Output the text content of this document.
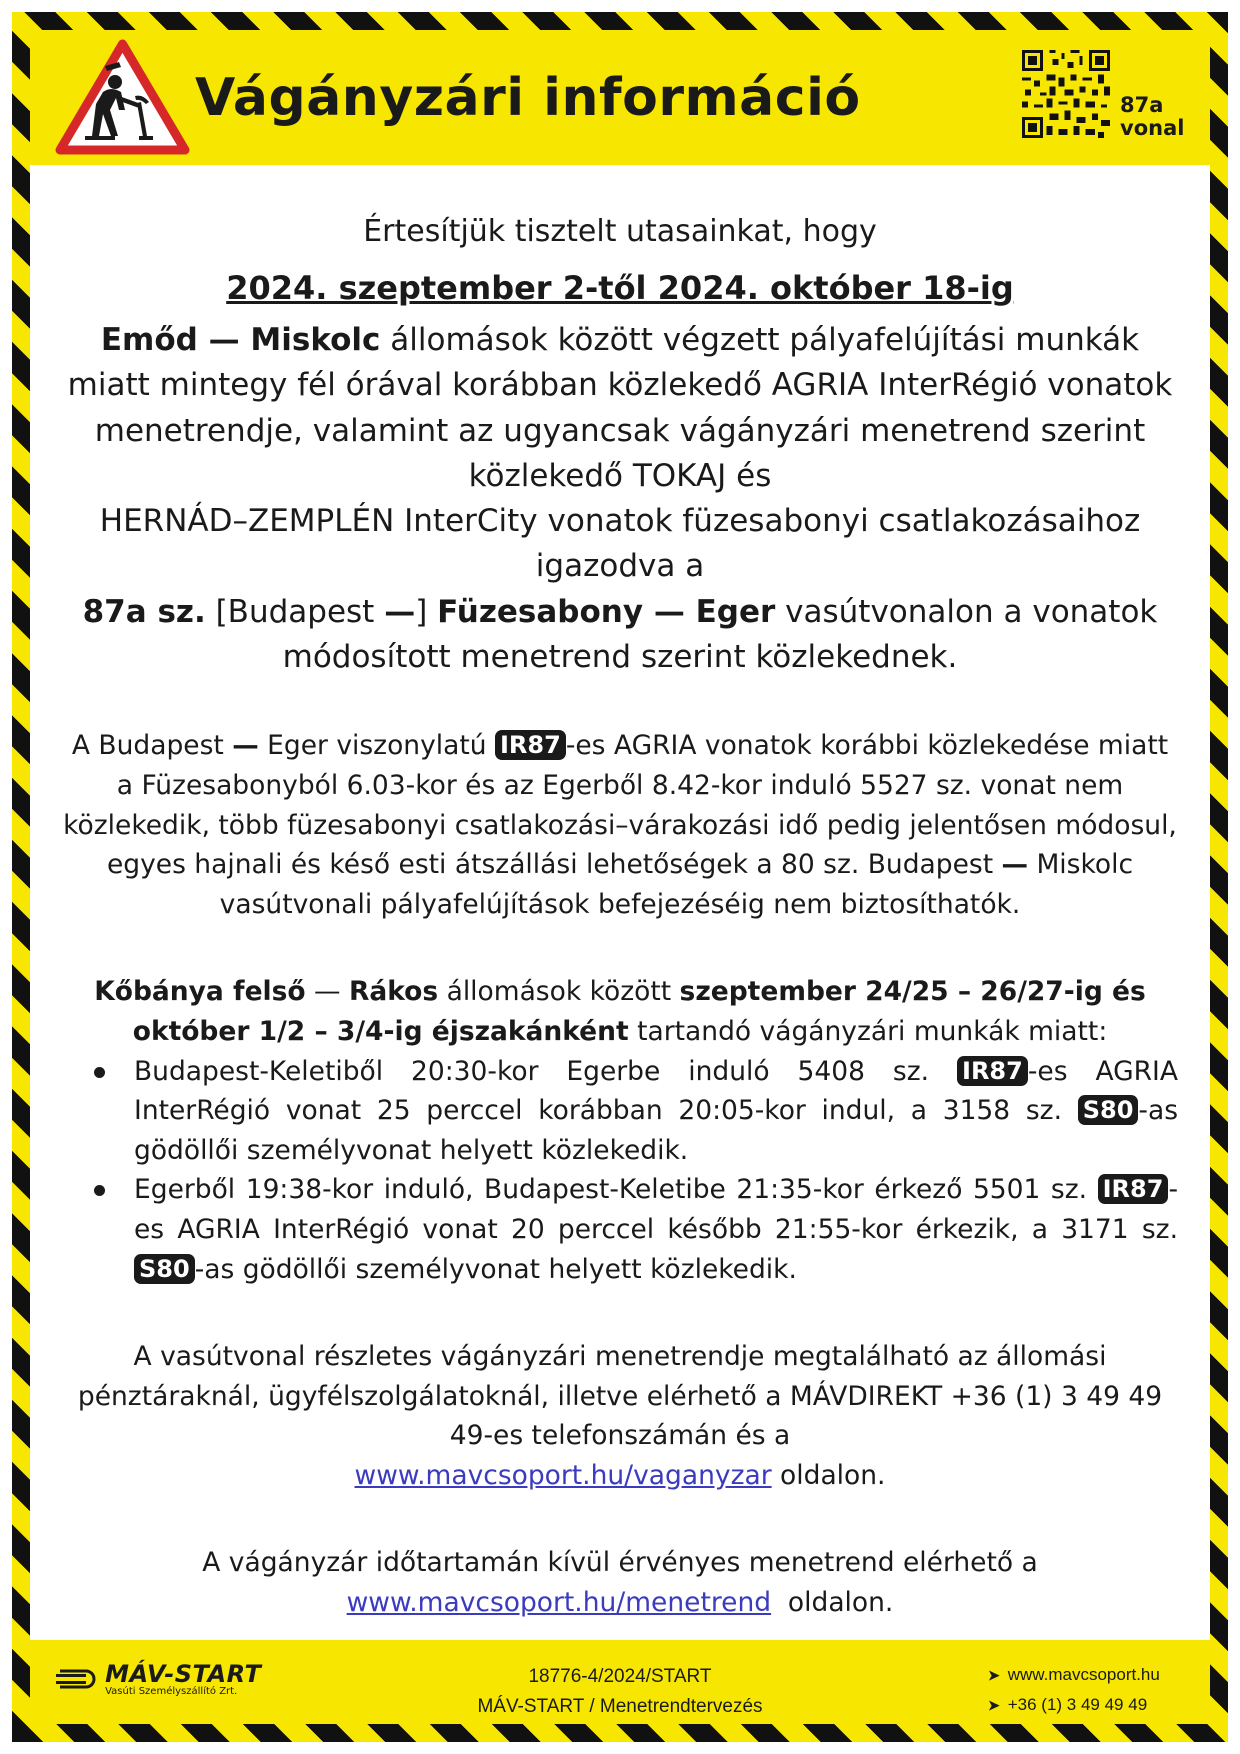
Vágányzári információ	87a
vonal

Értesítjük tisztelt utasainkat, hogy

2024. szeptember 2-től 2024. október 18-ig

Emőd — Miskolc állomások között végzett pályafelújítási munkák miatt mintegy fél órával korábban közlekedő AGRIA InterRégió vonatok menetrendje, valamint az ugyancsak vágányzári menetrend szerint közlekedő TOKAJ és
HERNÁD–ZEMPLÉN InterCity vonatok füzesabonyi csatlakozásaihoz igazodva a
87a sz. [Budapest —] Füzesabony — Eger vasútvonalon a vonatok módosított menetrend szerint közlekednek.

A Budapest — Eger viszonylatú IR87 -es AGRIA vonatok korábbi közlekedése miatt a Füzesabonyból 6.03-kor és az Egerből 8.42-kor induló 5527 sz. vonat nem közlekedik, több füzesabonyi csatlakozási–várakozási idő pedig jelentősen módosul, egyes hajnali és késő esti átszállási lehetőségek a 80 sz. Budapest — Miskolc vasútvonali pályafelújítások befejezéséig nem biztosíthatók.

Kőbánya felső — Rákos állomások között szeptember 24/25 – 26/27-ig és október 1/2 – 3/4-ig éjszakánként tartandó vágányzári munkák miatt:

Budapest-Keletiből 20:30-kor Egerbe induló 5408 sz. IR87 -es AGRIA InterRégió vonat 25 perccel korábban 20:05-kor indul, a 3158 sz. S80 -as gödöllői személyvonat helyett közlekedik.
Egerből 19:38-kor induló, Budapest-Keletibe 21:35-kor érkező 5501 sz. IR87 -es AGRIA InterRégió vonat 20 perccel később 21:55-kor érkezik, a 3171 sz. S80 -as gödöllői személyvonat helyett közlekedik.

A vasútvonal részletes vágányzári menetrendje megtalálható az állomási pénztáraknál, ügyfélszolgálatoknál, illetve elérhető a MÁVDIREKT +36 (1) 3 49 49 49-es telefonszámán és a
www.mavcsoport.hu/vaganyzar oldalon.

A vágányzár időtartamán kívül érvényes menetrend elérhető a
www.mavcsoport.hu/menetrend  oldalon.

MÁV-START
Vasúti Személyszállító Zrt.
18776-4/2024/START
MÁV-START / Menetrendtervezés
➤ www.mavcsoport.hu
➤ +36 (1) 3 49 49 49
